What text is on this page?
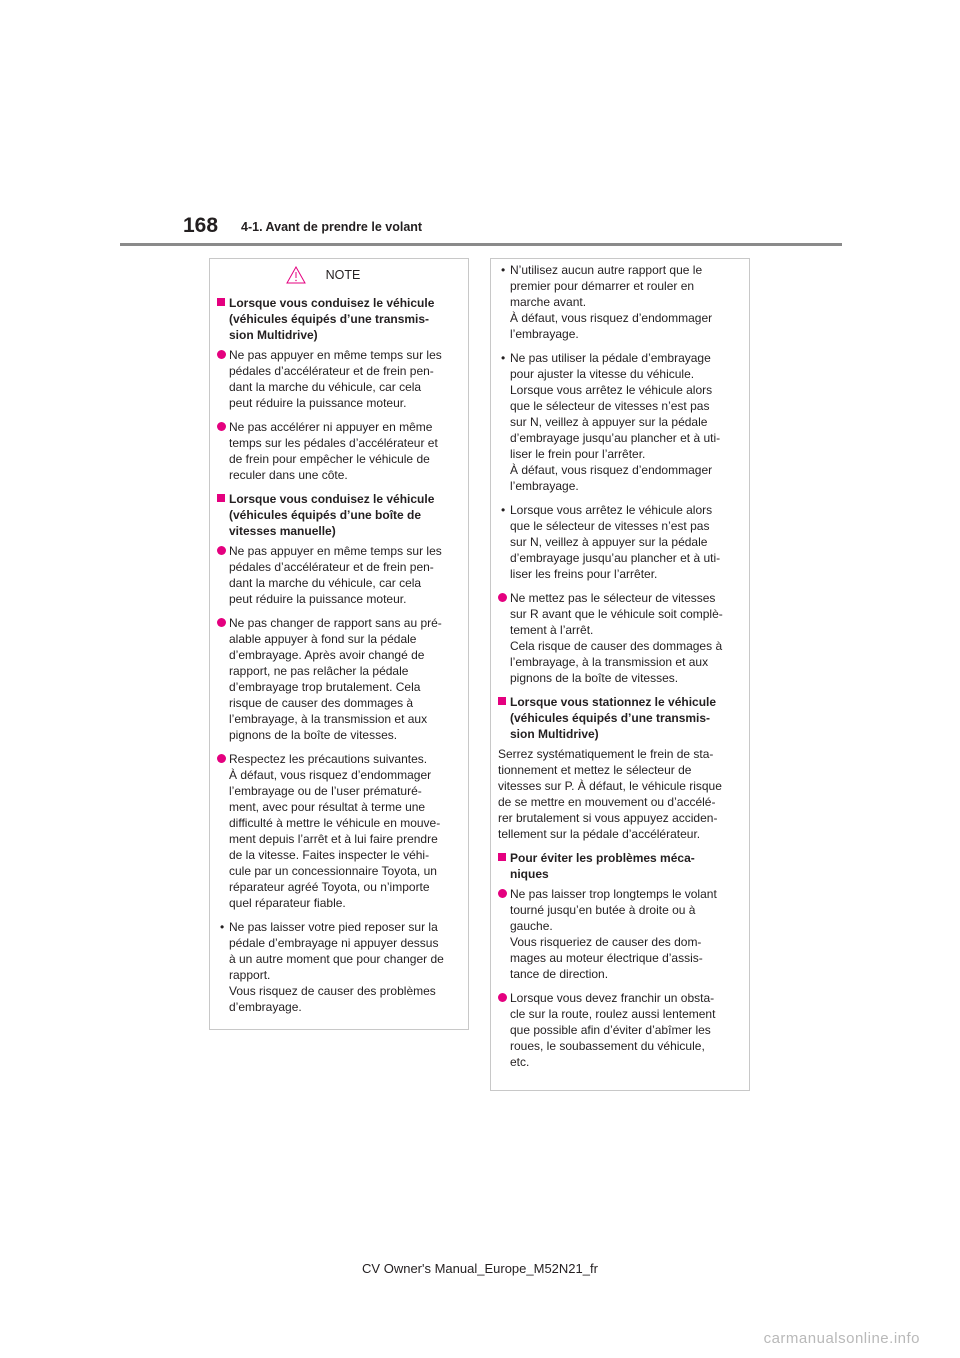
168 4-1. Avant de prendre le volant
NOTE
Lorsque vous conduisez le véhicule
(véhicules équipés d’une transmis-
sion Multidrive)
Ne pas appuyer en même temps sur les
pédales d’accélérateur et de frein pen-
dant la marche du véhicule, car cela
peut réduire la puissance moteur.
Ne pas accélérer ni appuyer en même
temps sur les pédales d’accélérateur et
de frein pour empêcher le véhicule de
reculer dans une côte.
Lorsque vous conduisez le véhicule
(véhicules équipés d’une boîte de
vitesses manuelle)
Ne pas appuyer en même temps sur les
pédales d’accélérateur et de frein pen-
dant la marche du véhicule, car cela
peut réduire la puissance moteur.
Ne pas changer de rapport sans au pré-
alable appuyer à fond sur la pédale
d’embrayage. Après avoir changé de
rapport, ne pas relâcher la pédale
d’embrayage trop brutalement. Cela
risque de causer des dommages à
l’embrayage, à la transmission et aux
pignons de la boîte de vitesses.
Respectez les précautions suivantes.
À défaut, vous risquez d’endommager
l’embrayage ou de l’user prématuré-
ment, avec pour résultat à terme une
difficulté à mettre le véhicule en mouve-
ment depuis l’arrêt et à lui faire prendre
de la vitesse. Faites inspecter le véhi-
cule par un concessionnaire Toyota, un
réparateur agréé Toyota, ou n’importe
quel réparateur fiable.
• Ne pas laisser votre pied reposer sur la
pédale d’embrayage ni appuyer dessus
à un autre moment que pour changer de
rapport.
Vous risquez de causer des problèmes
d’embrayage.
• N’utilisez aucun autre rapport que le
premier pour démarrer et rouler en
marche avant.
À défaut, vous risquez d’endommager
l’embrayage.
• Ne pas utiliser la pédale d’embrayage
pour ajuster la vitesse du véhicule.
Lorsque vous arrêtez le véhicule alors
que le sélecteur de vitesses n’est pas
sur N, veillez à appuyer sur la pédale
d’embrayage jusqu’au plancher et à uti-
liser le frein pour l’arrêter.
À défaut, vous risquez d’endommager
l’embrayage.
• Lorsque vous arrêtez le véhicule alors
que le sélecteur de vitesses n’est pas
sur N, veillez à appuyer sur la pédale
d’embrayage jusqu’au plancher et à uti-
liser les freins pour l’arrêter.
Ne mettez pas le sélecteur de vitesses
sur R avant que le véhicule soit complè-
tement à l’arrêt.
Cela risque de causer des dommages à
l’embrayage, à la transmission et aux
pignons de la boîte de vitesses.
Lorsque vous stationnez le véhicule
(véhicules équipés d’une transmis-
sion Multidrive)
Serrez systématiquement le frein de sta-
tionnement et mettez le sélecteur de
vitesses sur P. À défaut, le véhicule risque
de se mettre en mouvement ou d’accélé-
rer brutalement si vous appuyez acciden-
tellement sur la pédale d’accélérateur.
Pour éviter les problèmes méca-
niques
Ne pas laisser trop longtemps le volant
tourné jusqu’en butée à droite ou à
gauche.
Vous risqueriez de causer des dom-
mages au moteur électrique d’assis-
tance de direction.
Lorsque vous devez franchir un obsta-
cle sur la route, roulez aussi lentement
que possible afin d’éviter d’abîmer les
roues, le soubassement du véhicule,
etc.
CV Owner's Manual_Europe_M52N21_fr
carmanualsonline.info
